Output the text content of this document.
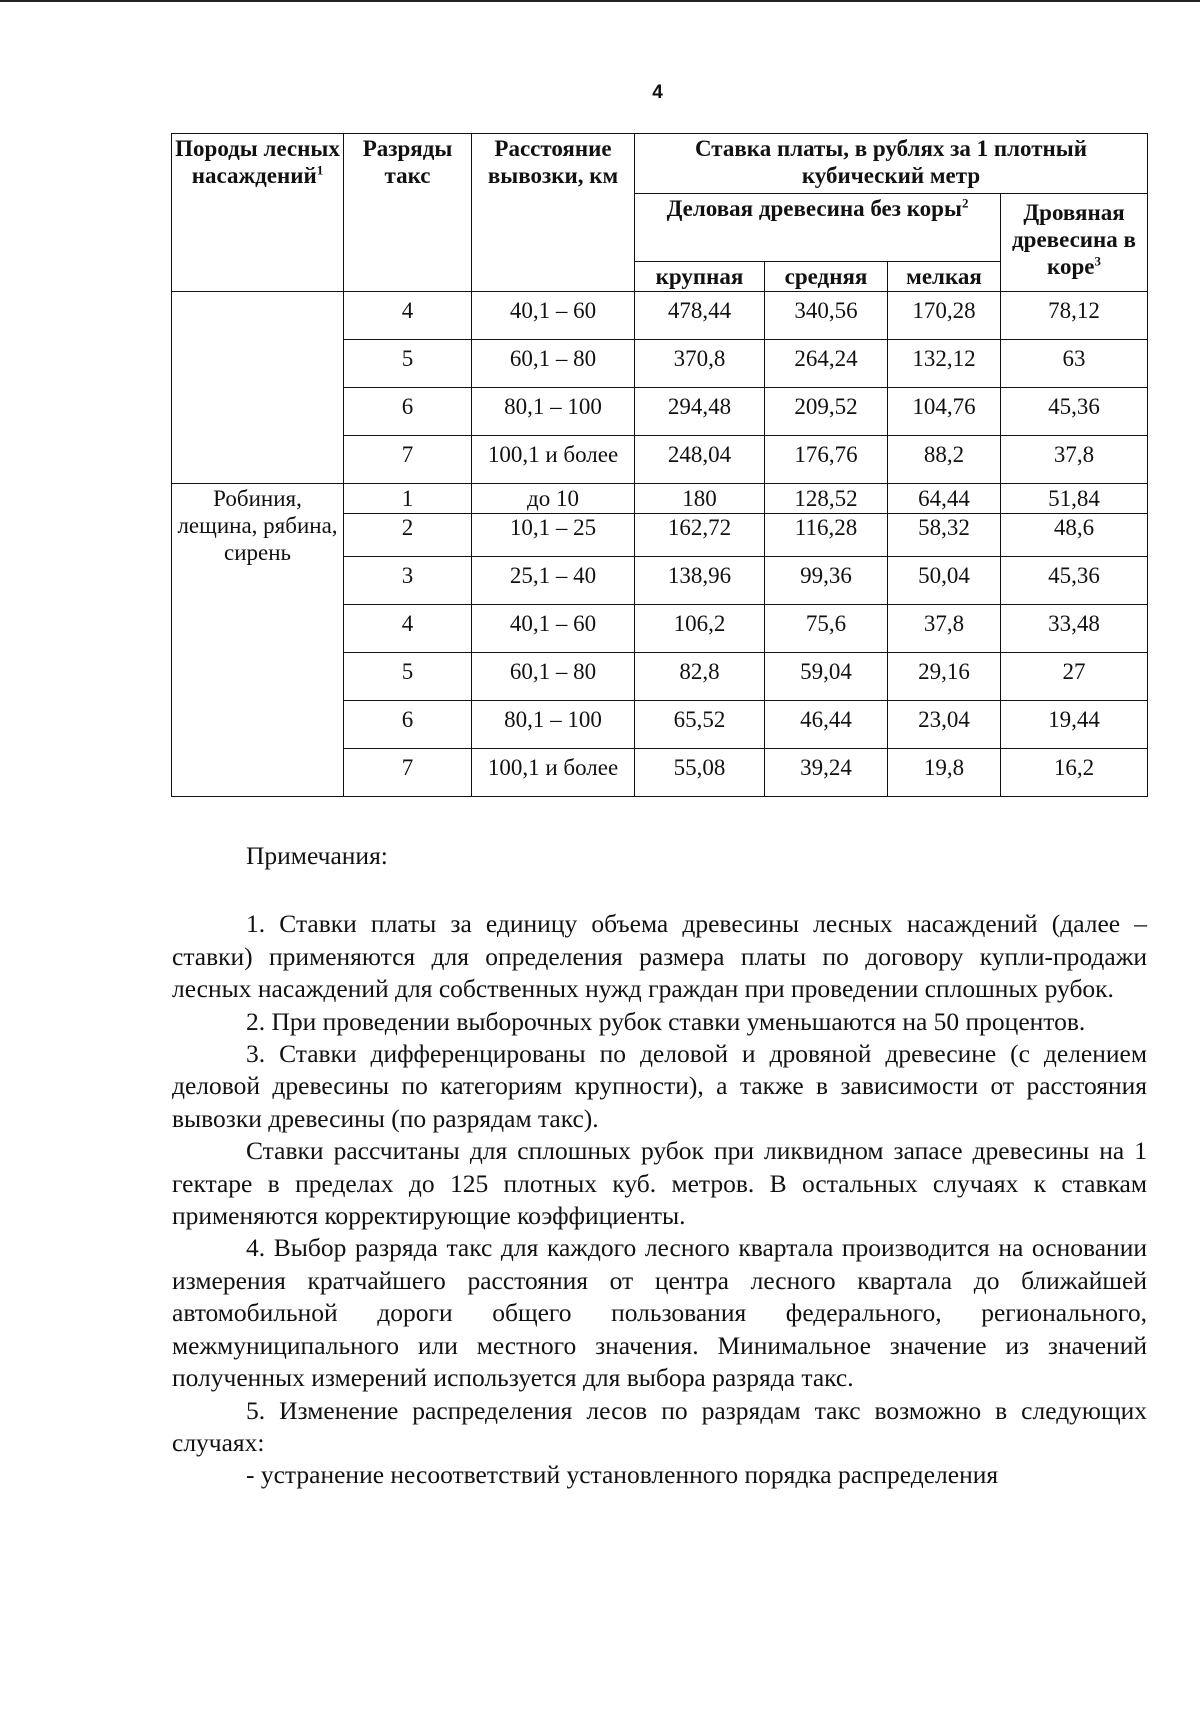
4
Породы лесных насаждений$^1$	Разряды такс	Расстояние вывозки, км	Ставка платы, в рублях за 1 плотный кубический метр			
			Деловая древесина без коры$^2$			Дровяная древесина в коре$^3$
			крупная	средняя	мелкая	
	4	40,1 – 60	478,44	340,56	170,28	78,12
	5	60,1 – 80	370,8	264,24	132,12	63
	6	80,1 – 100	294,48	209,52	104,76	45,36
	7	100,1 и более	248,04	176,76	88,2	37,8
Робиния, лещина, рябина, сирень	1	до 10	180	128,52	64,44	51,84
	2	10,1 – 25	162,72	116,28	58,32	48,6
	3	25,1 – 40	138,96	99,36	50,04	45,36
	4	40,1 – 60	106,2	75,6	37,8	33,48
	5	60,1 – 80	82,8	59,04	29,16	27
	6	80,1 – 100	65,52	46,44	23,04	19,44
	7	100,1 и более	55,08	39,24	19,8	16,2
Примечания:

1. Ставки платы за единицу объема древесины лесных насаждений (далее – ставки) применяются для определения размера платы по договору купли-продажи лесных насаждений для собственных нужд граждан при проведении сплошных рубок.

2. При проведении выборочных рубок ставки уменьшаются на 50 процентов.

3. Ставки дифференцированы по деловой и дровяной древесине (с делением деловой древесины по категориям крупности), а также в зависимости от расстояния вывозки древесины (по разрядам такс).

Ставки рассчитаны для сплошных рубок при ликвидном запасе древесины на 1 гектаре в пределах до 125 плотных куб. метров. В остальных случаях к ставкам применяются корректирующие коэффициенты.

4. Выбор разряда такс для каждого лесного квартала производится на основании измерения кратчайшего расстояния от центра лесного квартала до ближайшей автомобильной дороги общего пользования федерального, регионального, межмуниципального или местного значения. Минимальное значение из значений полученных измерений используется для выбора разряда такс.

5. Изменение распределения лесов по разрядам такс возможно в следующих случаях:

- устранение несоответствий установленного порядка распределения
